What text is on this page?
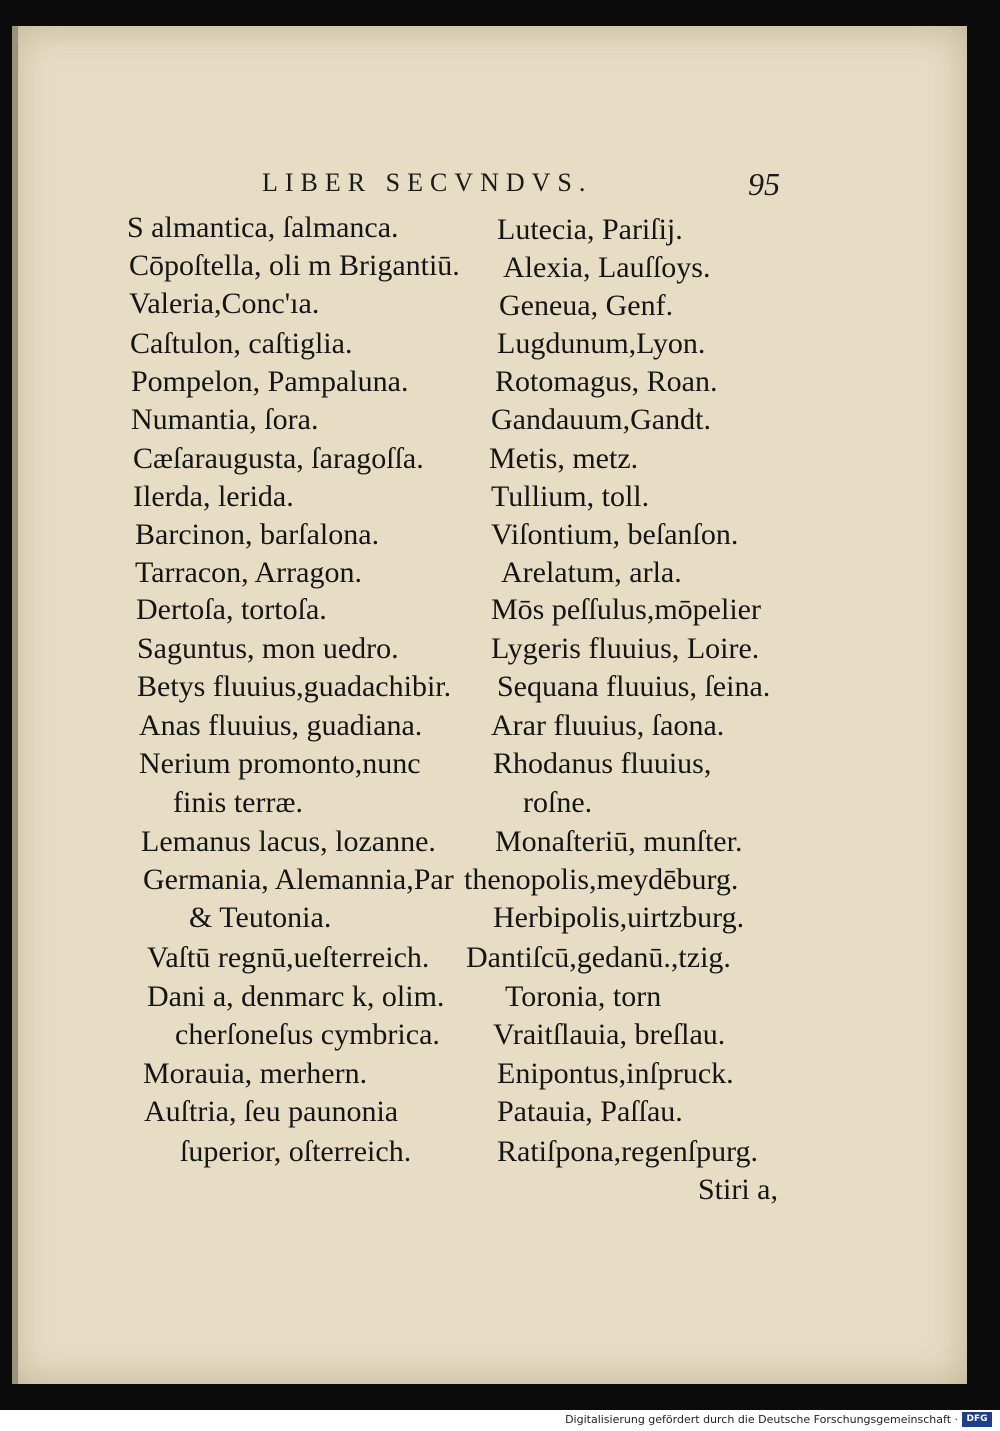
LIBER SECVNDVS.	95
S almantica, ſalmanca.
Cōpoſtella, oli m Brigantiū.
Valeria,Conc'ıa.
Caſtulon, caſtiglia.
Pompelon, Pampaluna.
Numantia, ſora.
Cæſaraugusta, ſaragoſſa.
Ilerda, lerida.
Barcinon, barſalona.
Tarracon, Arragon.
Dertoſa, tortoſa.
Saguntus, mon uedro.
Betys fluuius,guadachibir.
Anas fluuius, guadiana.
Nerium promonto,nunc
finis terræ.
Lemanus lacus, lozanne.
Germania, Alemannia,Par
& Teutonia.
Vaſtū regnū,ueſterreich.
Dani a, denmarc k, olim.
cherſoneſus cymbrica.
Morauia, merhern.
Auſtria, ſeu paunonia
ſuperior, oſterreich.
Lutecia, Pariſij.
Alexia, Lauſſoys.
Geneua, Genf.
Lugdunum,Lyon.
Rotomagus, Roan.
Gandauum,Gandt.
Metis, metz.
Tullium, toll.
Viſontium, beſanſon.
Arelatum, arla.
Mōs peſſulus,mōpelier
Lygeris fluuius, Loire.
Sequana fluuius, ſeina.
Arar fluuius, ſaona.
Rhodanus fluuius,
roſne.
Monaſteriū, munſter.
thenopolis,meydēburg.
Herbipolis,uirtzburg.
Dantiſcū,gedanū.,tzig.
Toronia, torn
Vraitſlauia, breſlau.
Enipontus,inſpruck.
Patauia, Paſſau.
Ratiſpona,regenſpurg.
Stiri a,
Digitalisierung gefördert durch die Deutsche Forschungsgemeinschaft · DFG
